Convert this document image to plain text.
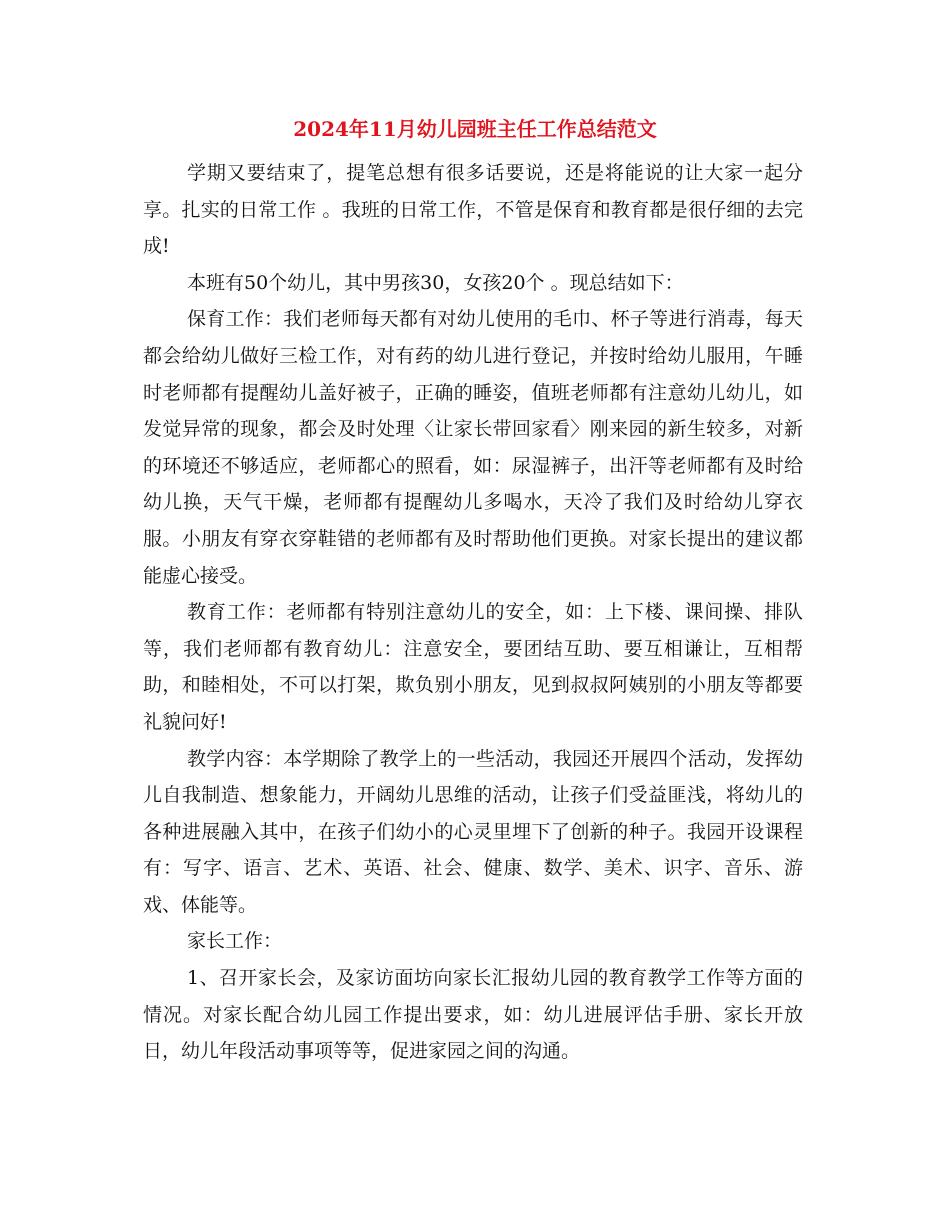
2024年11月幼儿园班主任工作总结范文

学期又要结束了，提笔总想有很多话要说，还是将能说的让大家一起分享。扎实的日常工作 。我班的日常工作，不管是保育和教育都是很仔细的去完成!

本班有50个幼儿，其中男孩30，女孩20个 。现总结如下：

保育工作：我们老师每天都有对幼儿使用的毛巾、杯子等进行消毒，每天都会给幼儿做好三检工作，对有药的幼儿进行登记，并按时给幼儿服用，午睡时老师都有提醒幼儿盖好被子，正确的睡姿，值班老师都有注意幼儿幼儿，如发觉异常的现象，都会及时处理〈让家长带回家看〉刚来园的新生较多，对新的环境还不够适应，老师都心的照看，如：尿湿裤子，出汗等老师都有及时给幼儿换，天气干燥，老师都有提醒幼儿多喝水，天冷了我们及时给幼儿穿衣服。小朋友有穿衣穿鞋错的老师都有及时帮助他们更换。对家长提出的建议都能虚心接受。

教育工作：老师都有特别注意幼儿的安全，如：上下楼、课间操、排队等，我们老师都有教育幼儿：注意安全，要团结互助、要互相谦让，互相帮助，和睦相处，不可以打架，欺负别小朋友，见到叔叔阿姨别的小朋友等都要礼貌问好!

教学内容：本学期除了教学上的一些活动，我园还开展四个活动，发挥幼儿自我制造、想象能力，开阔幼儿思维的活动，让孩子们受益匪浅，将幼儿的各种进展融入其中，在孩子们幼小的心灵里埋下了创新的种子。我园开设课程有：写字、语言、艺术、英语、社会、健康、数学、美术、识字、音乐、游戏、体能等。

家长工作：

1、召开家长会，及家访面坊向家长汇报幼儿园的教育教学工作等方面的情况。对家长配合幼儿园工作提出要求，如：幼儿进展评估手册、家长开放日，幼儿年段活动事项等等，促进家园之间的沟通。
